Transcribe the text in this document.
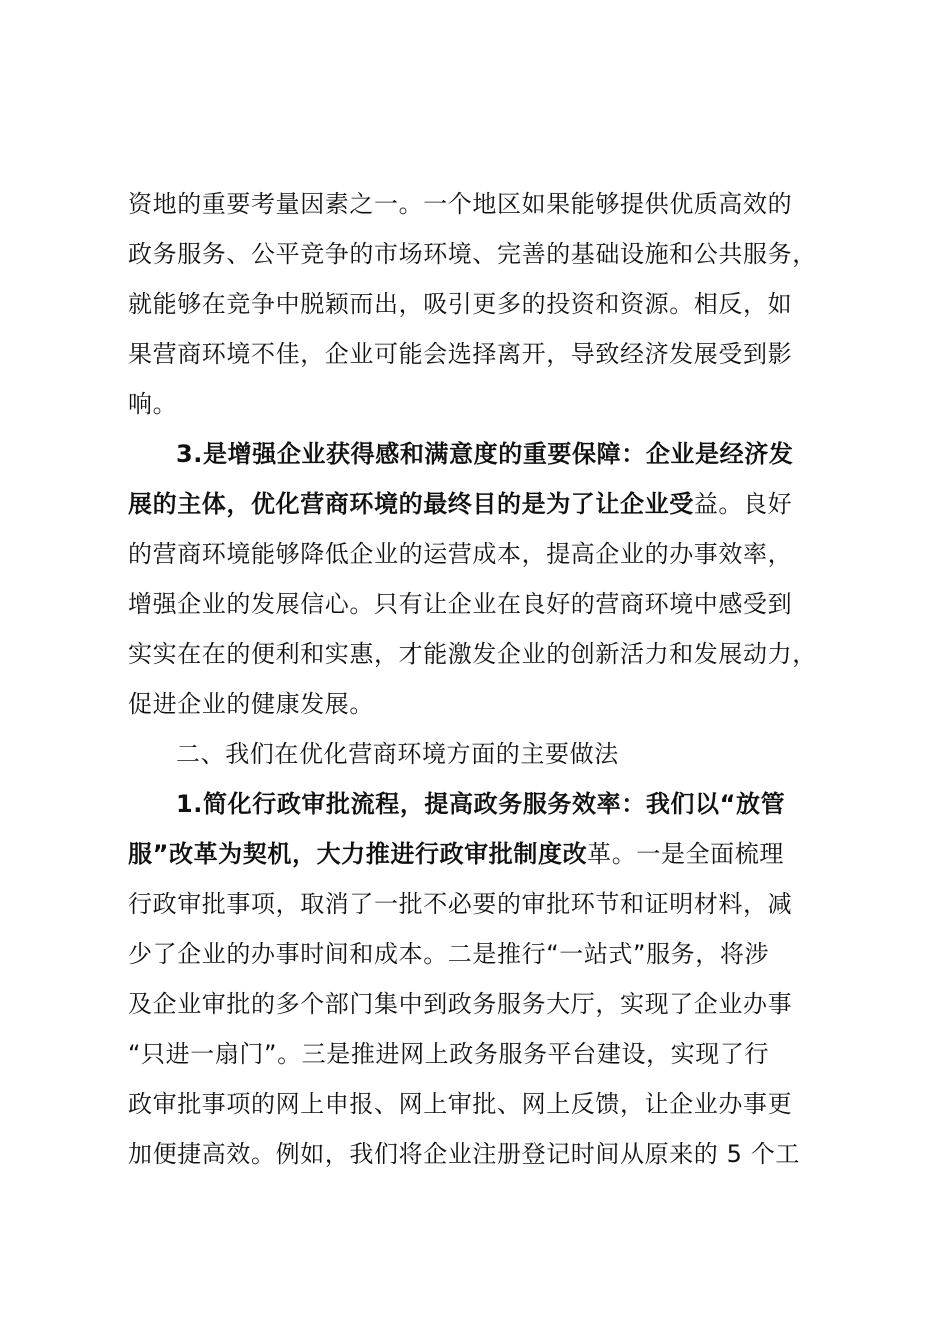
资地的重要考量因素之一。一个地区如果能够提供优质高效的
政务服务、公平竞争的市场环境、完善的基础设施和公共服务，
就能够在竞争中脱颖而出，吸引更多的投资和资源。相反，如
果营商环境不佳，企业可能会选择离开，导致经济发展受到影
响。
3.是增强企业获得感和满意度的重要保障：企业是经济发
展的主体，优化营商环境的最终目的是为了让企业受益。良好
的营商环境能够降低企业的运营成本，提高企业的办事效率，
增强企业的发展信心。只有让企业在良好的营商环境中感受到
实实在在的便利和实惠，才能激发企业的创新活力和发展动力，
促进企业的健康发展。
二、我们在优化营商环境方面的主要做法
1.简化行政审批流程，提高政务服务效率：我们以“放管
服”改革为契机，大力推进行政审批制度改革。一是全面梳理
行政审批事项，取消了一批不必要的审批环节和证明材料，减
少了企业的办事时间和成本。二是推行“一站式”服务，将涉
及企业审批的多个部门集中到政务服务大厅，实现了企业办事
“只进一扇门”。三是推进网上政务服务平台建设，实现了行
政审批事项的网上申报、网上审批、网上反馈，让企业办事更
加便捷高效。例如，我们将企业注册登记时间从原来的 5 个工
